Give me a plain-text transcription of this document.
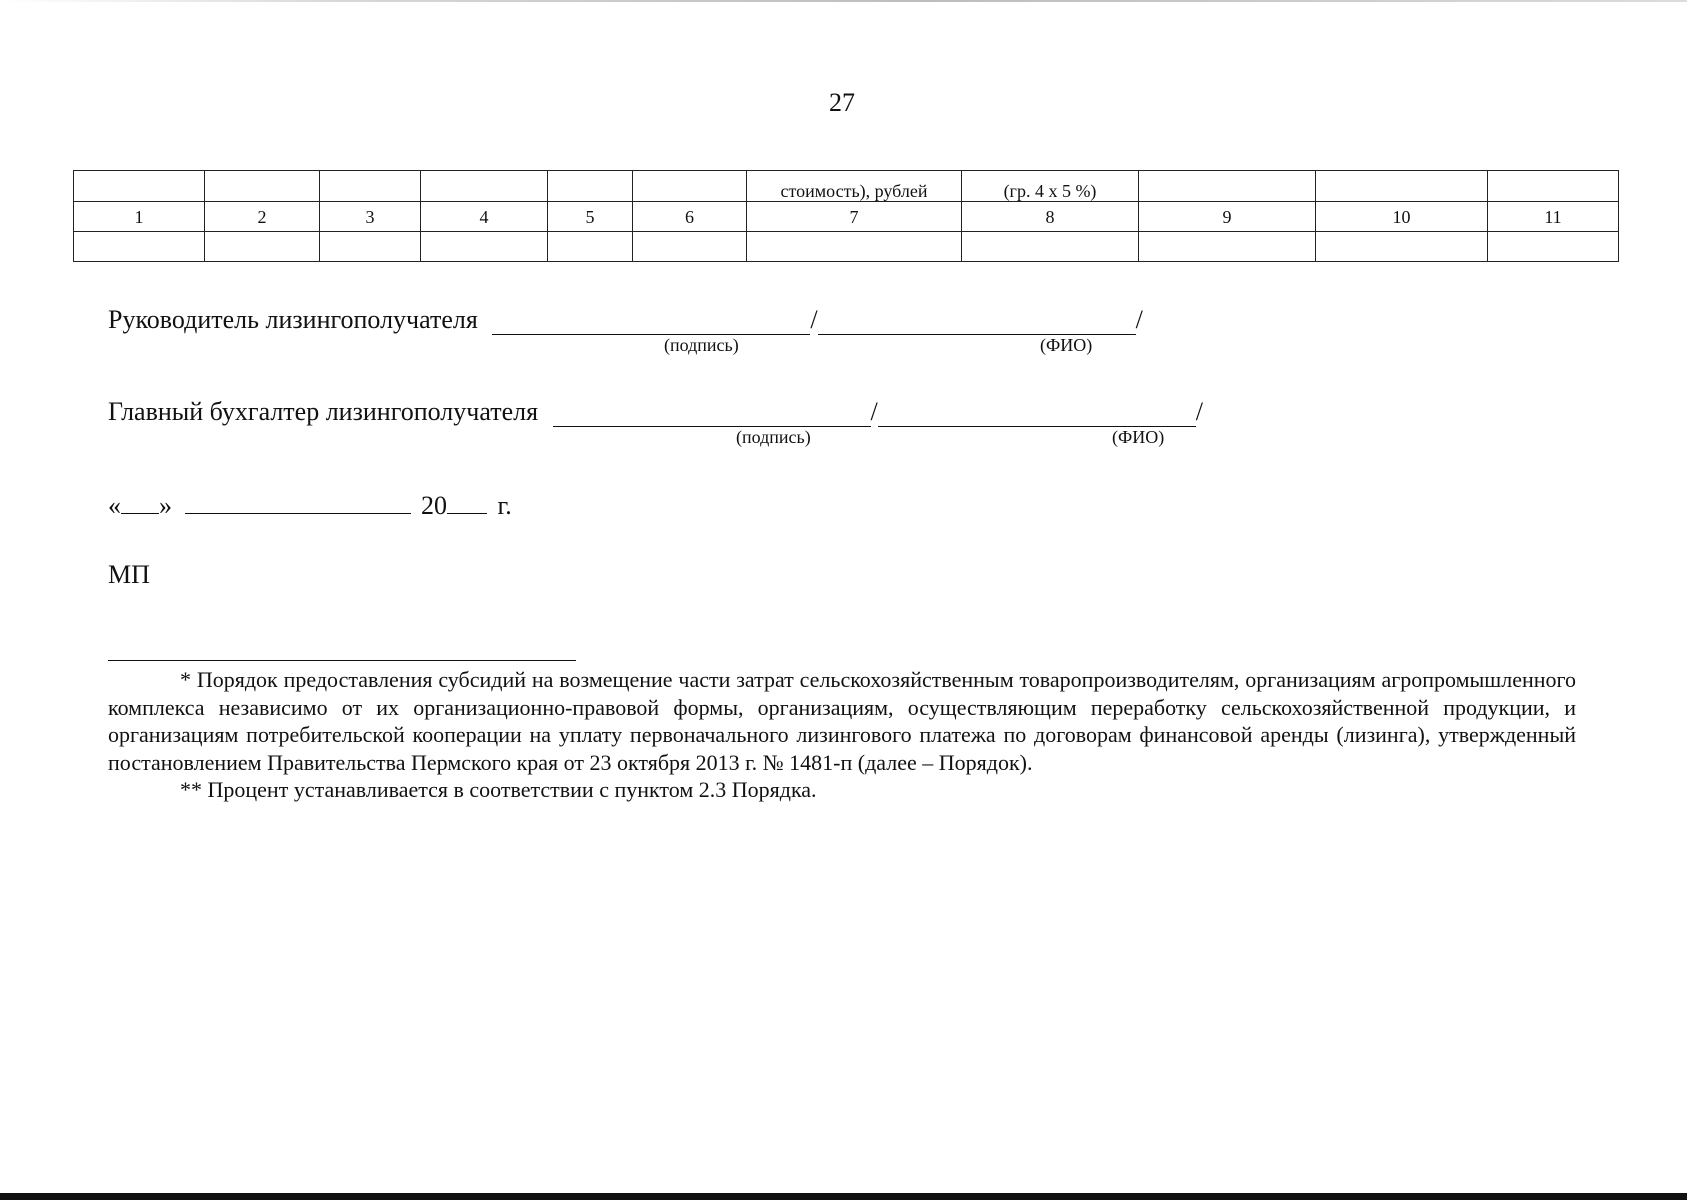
27
						стоимость), рублей	(гр. 4 x 5 %)			
1	2	3	4	5	6	7	8	9	10	11

Руководитель лизингополучателя	/	/
(подпись)	(ФИО)
Главный бухгалтер лизингополучателя	/	/
(подпись)	(ФИО)
« »	20 г.
МП

* Порядок предоставления субсидий на возмещение части затрат сельскохозяйственным товаропроизводителям, организациям агропромышленного комплекса независимо от их организационно-правовой формы, организациям, осуществляющим переработку сельскохозяйственной продукции, и организациям потребительской кооперации на уплату первоначального лизингового платежа по договорам финансовой аренды (лизинга), утвержденный постановлением Правительства Пермского края от 23 октября 2013 г. № 1481-п (далее – Порядок).

** Процент устанавливается в соответствии с пунктом 2.3 Порядка.
